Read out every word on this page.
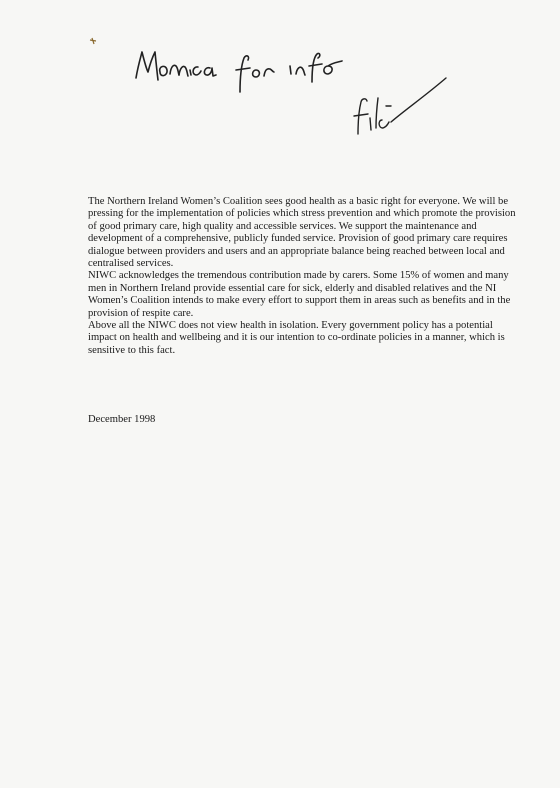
The Northern Ireland Women’s Coalition sees good health as a basic right for everyone. We will be pressing for the implementation of policies which stress prevention and which promote the provision of good primary care, high quality and accessible services. We support the maintenance and development of a comprehensive, publicly funded service. Provision of good primary care requires dialogue between providers and users and an appropriate balance being reached between local and centralised services.

NIWC acknowledges the tremendous contribution made by carers. Some 15% of women and many men in Northern Ireland provide essential care for sick, elderly and disabled relatives and the NI Women’s Coalition intends to make every effort to support them in areas such as benefits and in the provision of respite care.

Above all the NIWC does not view health in isolation. Every government policy has a potential impact on health and wellbeing and it is our intention to co-ordinate policies in a manner, which is sensitive to this fact.

December 1998
